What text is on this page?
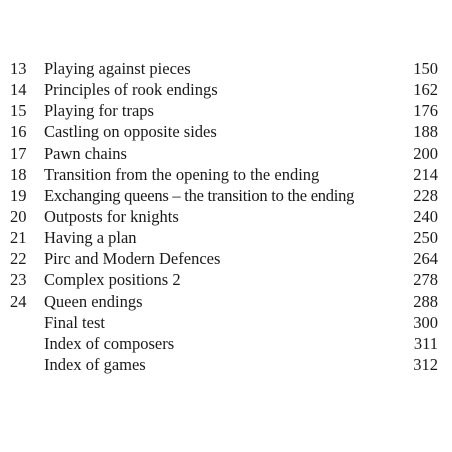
13	Playing against pieces	150
14	Principles of rook endings	162
15	Playing for traps	176
16	Castling on opposite sides	188
17	Pawn chains	200
18	Transition from the opening to the ending	214
19	Exchanging queens – the transition to the ending	228
20	Outposts for knights	240
21	Having a plan	250
22	Pirc and Modern Defences	264
23	Complex positions 2	278
24	Queen endings	288
Final test	300
Index of composers	311
Index of games	312
